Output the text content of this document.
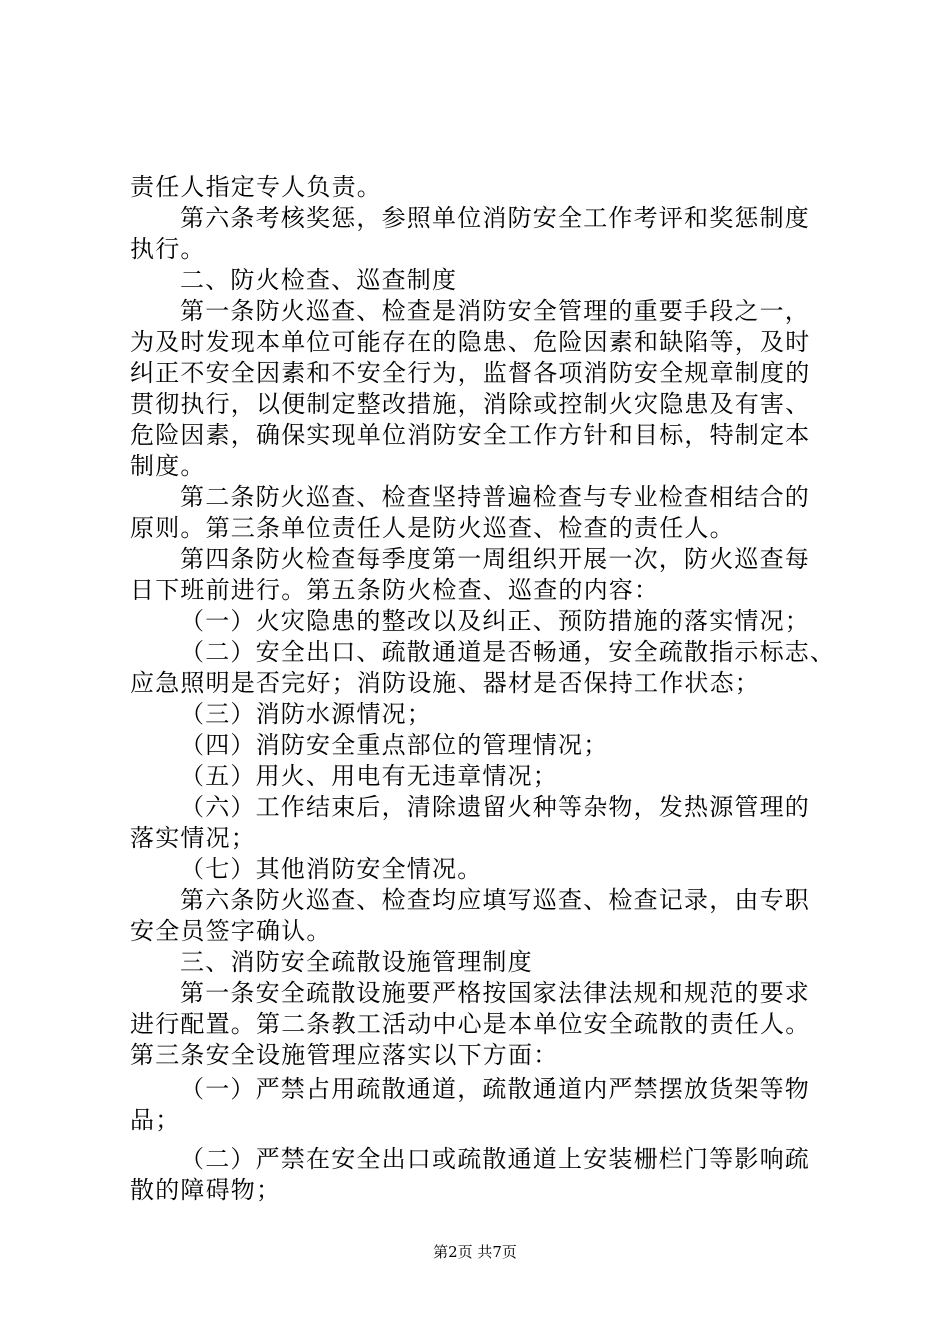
责任人指定专人负责。
第六条考核奖惩，参照单位消防安全工作考评和奖惩制度
执行。
二、防火检查、巡查制度
第一条防火巡查、检查是消防安全管理的重要手段之一，
为及时发现本单位可能存在的隐患、危险因素和缺陷等，及时
纠正不安全因素和不安全行为，监督各项消防安全规章制度的
贯彻执行，以便制定整改措施，消除或控制火灾隐患及有害、
危险因素，确保实现单位消防安全工作方针和目标，特制定本
制度。
第二条防火巡查、检查坚持普遍检查与专业检查相结合的
原则。第三条单位责任人是防火巡查、检查的责任人。
第四条防火检查每季度第一周组织开展一次，防火巡查每
日下班前进行。第五条防火检查、巡查的内容：
（一）火灾隐患的整改以及纠正、预防措施的落实情况；
（二）安全出口、疏散通道是否畅通，安全疏散指示标志、
应急照明是否完好；消防设施、器材是否保持工作状态；
（三）消防水源情况；
（四）消防安全重点部位的管理情况；
（五）用火、用电有无违章情况；
（六）工作结束后，清除遗留火种等杂物，发热源管理的
落实情况；
（七）其他消防安全情况。
第六条防火巡查、检查均应填写巡查、检查记录，由专职
安全员签字确认。
三、消防安全疏散设施管理制度
第一条安全疏散设施要严格按国家法律法规和规范的要求
进行配置。第二条教工活动中心是本单位安全疏散的责任人。
第三条安全设施管理应落实以下方面：
（一）严禁占用疏散通道，疏散通道内严禁摆放货架等物
品；
（二）严禁在安全出口或疏散通道上安装栅栏门等影响疏
散的障碍物；
第2页 共7页
